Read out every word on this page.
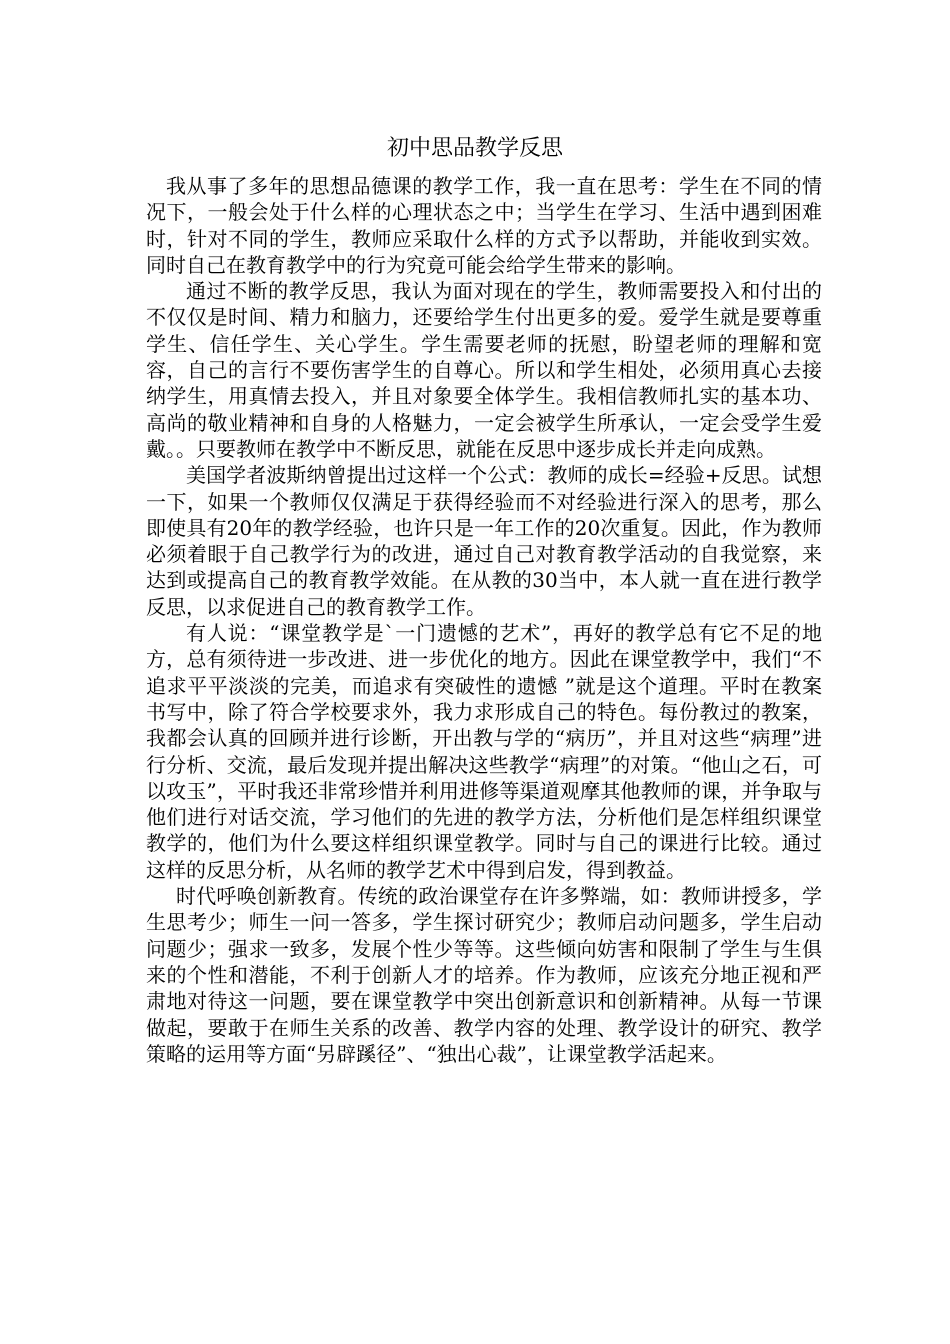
初中思品教学反思

我从事了多年的思想品德课的教学工作，我一直在思考：学生在不同的情况下，一般会处于什么样的心理状态之中；当学生在学习、生活中遇到困难时，针对不同的学生，教师应采取什么样的方式予以帮助，并能收到实效。同时自己在教育教学中的行为究竟可能会给学生带来的影响。

通过不断的教学反思，我认为面对现在的学生，教师需要投入和付出的不仅仅是时间、精力和脑力，还要给学生付出更多的爱。爱学生就是要尊重学生、信任学生、关心学生。学生需要老师的抚慰，盼望老师的理解和宽容，自己的言行不要伤害学生的自尊心。所以和学生相处，必须用真心去接纳学生，用真情去投入，并且对象要全体学生。我相信教师扎实的基本功、高尚的敬业精神和自身的人格魅力，一定会被学生所承认，一定会受学生爱戴。。只要教师在教学中不断反思，就能在反思中逐步成长并走向成熟。

美国学者波斯纳曾提出过这样一个公式：教师的成长=经验+反思。试想一下，如果一个教师仅仅满足于获得经验而不对经验进行深入的思考，那么即使具有20年的教学经验，也许只是一年工作的20次重复。因此，作为教师必须着眼于自己教学行为的改进，通过自己对教育教学活动的自我觉察，来达到或提高自己的教育教学效能。在从教的30当中，本人就一直在进行教学反思，以求促进自己的教育教学工作。

有人说：“课堂教学是`一门遗憾的艺术”，再好的教学总有它不足的地方，总有须待进一步改进、进一步优化的地方。因此在课堂教学中，我们“不追求平平淡淡的完美，而追求有突破性的遗憾 ”就是这个道理。平时在教案书写中，除了符合学校要求外，我力求形成自己的特色。每份教过的教案，我都会认真的回顾并进行诊断，开出教与学的“病历”，并且对这些“病理”进行分析、交流，最后发现并提出解决这些教学“病理”的对策。“他山之石，可以攻玉”，平时我还非常珍惜并利用进修等渠道观摩其他教师的课，并争取与他们进行对话交流，学习他们的先进的教学方法，分析他们是怎样组织课堂教学的，他们为什么要这样组织课堂教学。同时与自己的课进行比较。通过这样的反思分析，从名师的教学艺术中得到启发，得到教益。

时代呼唤创新教育。传统的政治课堂存在许多弊端，如：教师讲授多，学生思考少；师生一问一答多，学生探讨研究少；教师启动问题多，学生启动问题少；强求一致多，发展个性少等等。这些倾向妨害和限制了学生与生俱来的个性和潜能，不利于创新人才的培养。作为教师，应该充分地正视和严肃地对待这一问题，要在课堂教学中突出创新意识和创新精神。从每一节课做起，要敢于在师生关系的改善、教学内容的处理、教学设计的研究、教学策略的运用等方面“另辟蹊径”、“独出心裁”，让课堂教学活起来。
